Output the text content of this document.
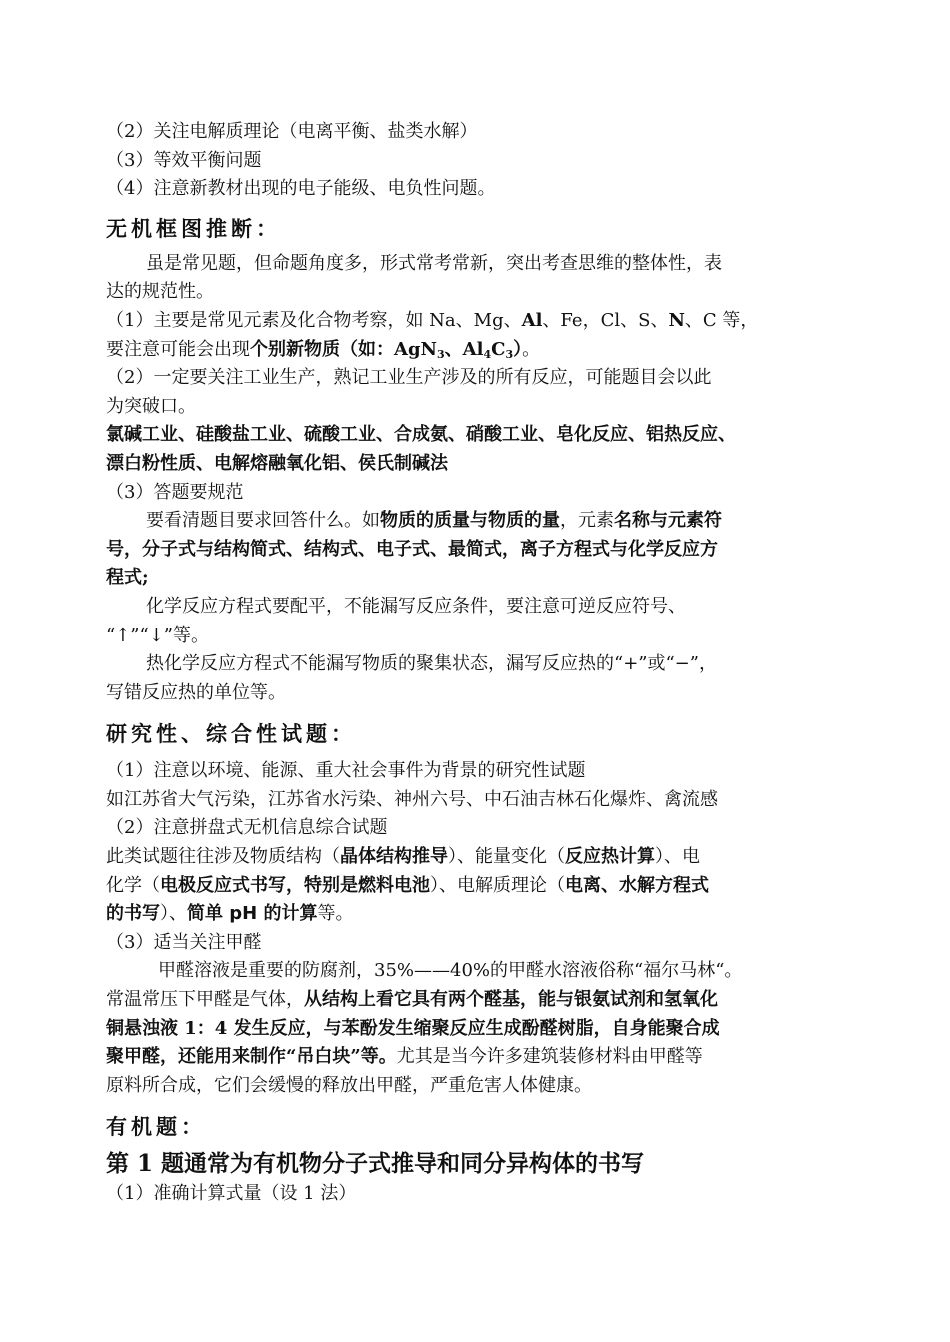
（2）关注电解质理论（电离平衡、盐类水解）
（3）等效平衡问题
（4）注意新教材出现的电子能级、电负性问题。
无机框图推断：
虽是常见题，但命题角度多，形式常考常新，突出考查思维的整体性，表
达的规范性。
（1）主要是常见元素及化合物考察，如 Na、Mg、Al、Fe，Cl、S、N、C 等，
要注意可能会出现个别新物质（如：AgN$_3$、$Al_4C_3$）。
（2）一定要关注工业生产，熟记工业生产涉及的所有反应，可能题目会以此
为突破口。
氯碱工业、硅酸盐工业、硫酸工业、合成氨、硝酸工业、皂化反应、铝热反应、
漂白粉性质、电解熔融氧化铝、侯氏制碱法
（3）答题要规范
要看清题目要求回答什么。如物质的质量与物质的量，元素名称与元素符
号，分子式与结构简式、结构式、电子式、最简式，离子方程式与化学反应方
程式;
化学反应方程式要配平，不能漏写反应条件，要注意可逆反应符号、
“↑”“↓”等。
热化学反应方程式不能漏写物质的聚集状态，漏写反应热的“+”或“−”，
写错反应热的单位等。
研究性、综合性试题：
（1）注意以环境、能源、重大社会事件为背景的研究性试题
如江苏省大气污染，江苏省水污染、神州六号、中石油吉林石化爆炸、禽流感
（2）注意拼盘式无机信息综合试题
此类试题往往涉及物质结构（晶体结构推导）、能量变化（反应热计算）、电
化学（电极反应式书写，特别是燃料电池）、电解质理论（电离、水解方程式
的书写）、简单 pH 的计算等。
（3）适当关注甲醛
甲醛溶液是重要的防腐剂，35%——40%的甲醛水溶液俗称“福尔马林“。
常温常压下甲醛是气体，从结构上看它具有两个醛基，能与银氨试剂和氢氧化
铜悬浊液 1：4 发生反应，与苯酚发生缩聚反应生成酚醛树脂，自身能聚合成
聚甲醛，还能用来制作“吊白块”等。尤其是当今许多建筑装修材料由甲醛等
原料所合成，它们会缓慢的释放出甲醛，严重危害人体健康。
有机题：
第 1 题通常为有机物分子式推导和同分异构体的书写
（1）准确计算式量（设 1 法）
